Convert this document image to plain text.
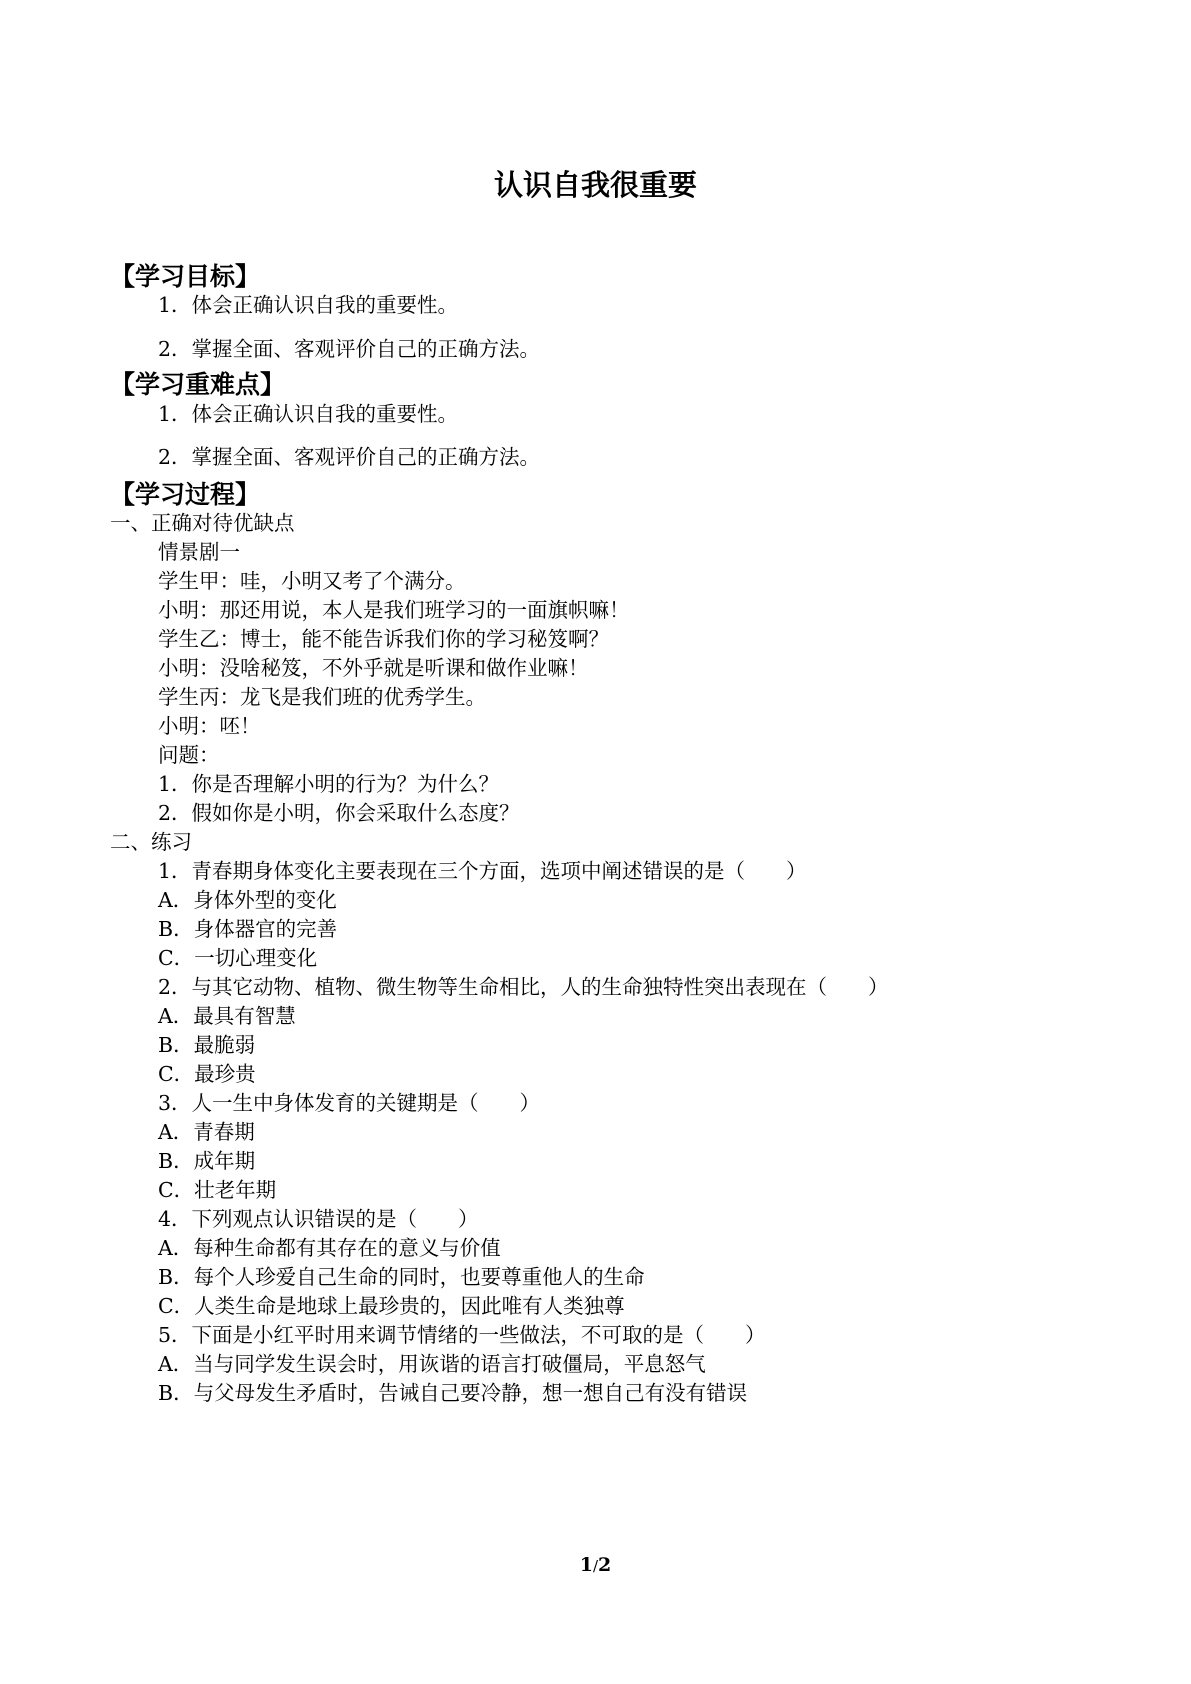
认识自我很重要
【学习目标】
1．体会正确认识自我的重要性。
2．掌握全面、客观评价自己的正确方法。
【学习重难点】
1．体会正确认识自我的重要性。
2．掌握全面、客观评价自己的正确方法。
【学习过程】
一、正确对待优缺点
情景剧一
学生甲：哇，小明又考了个满分。
小明：那还用说，本人是我们班学习的一面旗帜嘛！
学生乙：博士，能不能告诉我们你的学习秘笈啊？
小明：没啥秘笈，不外乎就是听课和做作业嘛！
学生丙：龙飞是我们班的优秀学生。
小明：呸！
问题：
1．你是否理解小明的行为？为什么？
2．假如你是小明，你会采取什么态度？
二、练习
1．青春期身体变化主要表现在三个方面，选项中阐述错误的是（　　）
A．身体外型的变化
B．身体器官的完善
C．一切心理变化
2．与其它动物、植物、微生物等生命相比，人的生命独特性突出表现在（　　）
A．最具有智慧
B．最脆弱
C．最珍贵
3．人一生中身体发育的关键期是（　　）
A．青春期
B．成年期
C．壮老年期
4．下列观点认识错误的是（　　）
A．每种生命都有其存在的意义与价值
B．每个人珍爱自己生命的同时，也要尊重他人的生命
C．人类生命是地球上最珍贵的，因此唯有人类独尊
5．下面是小红平时用来调节情绪的一些做法，不可取的是（　　）
A．当与同学发生误会时，用诙谐的语言打破僵局，平息怒气
B．与父母发生矛盾时，告诫自己要冷静，想一想自己有没有错误
1/2
